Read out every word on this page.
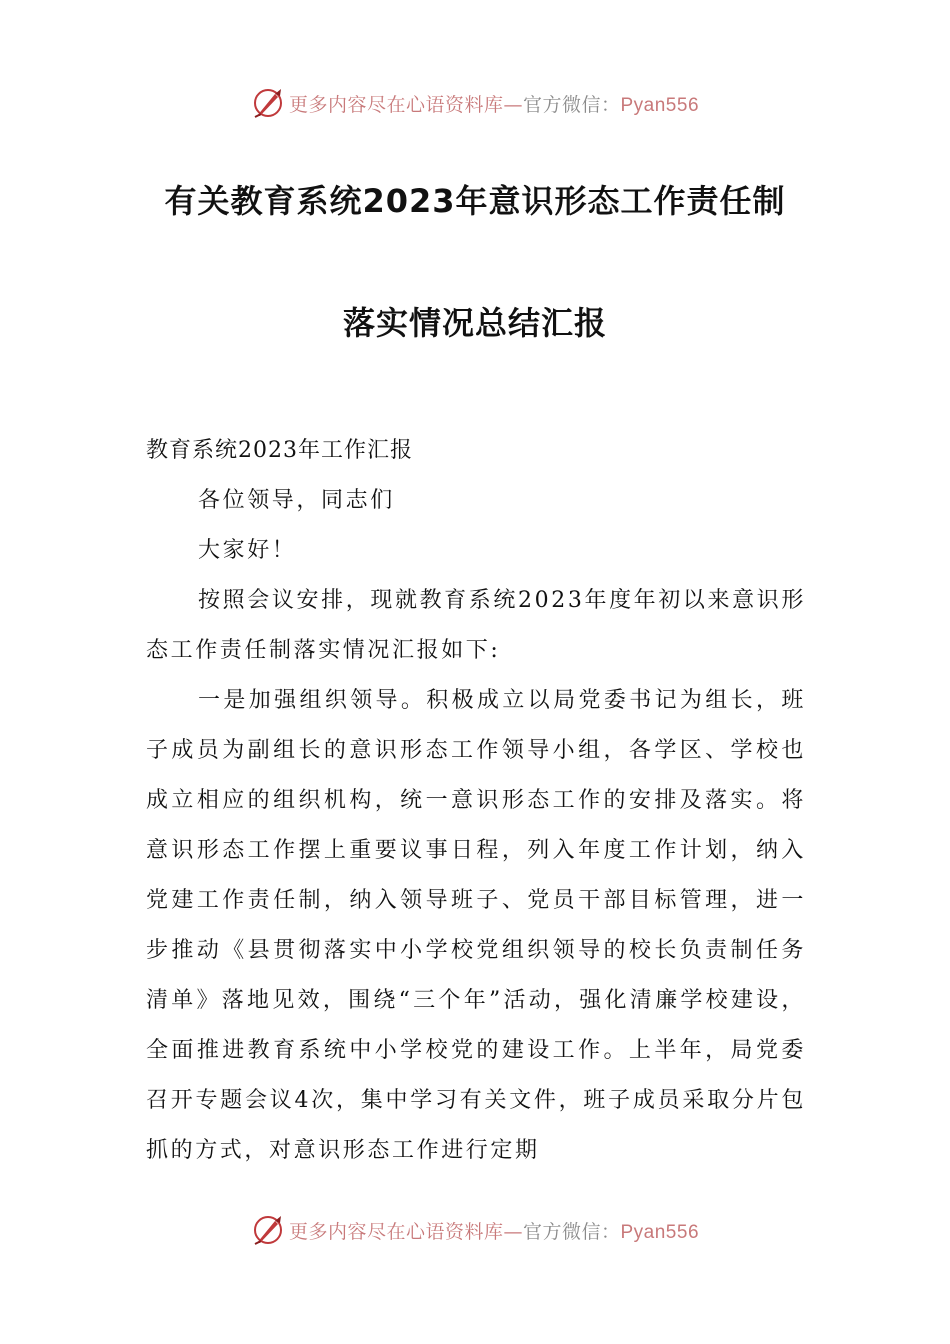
更多内容尽在心语资料库—官方微信：Pyan556
有关教育系统2023年意识形态工作责任制
落实情况总结汇报

教育系统2023年工作汇报

各位领导，同志们

大家好！

按照会议安排，现就教育系统2023年度年初以来意识形态工作责任制落实情况汇报如下:

一是加强组织领导。积极成立以局党委书记为组长，班子成员为副组长的意识形态工作领导小组，各学区、学校也成立相应的组织机构，统一意识形态工作的安排及落实。将意识形态工作摆上重要议事日程，列入年度工作计划，纳入党建工作责任制，纳入领导班子、党员干部目标管理，进一步推动《县贯彻落实中小学校党组织领导的校长负责制任务清单》落地见效，围绕“三个年”活动，强化清廉学校建设，全面推进教育系统中小学校党的建设工作。上半年，局党委召开专题会议4次，集中学习有关文件，班子成员采取分片包抓的方式，对意识形态工作进行定期

更多内容尽在心语资料库—官方微信：Pyan556
